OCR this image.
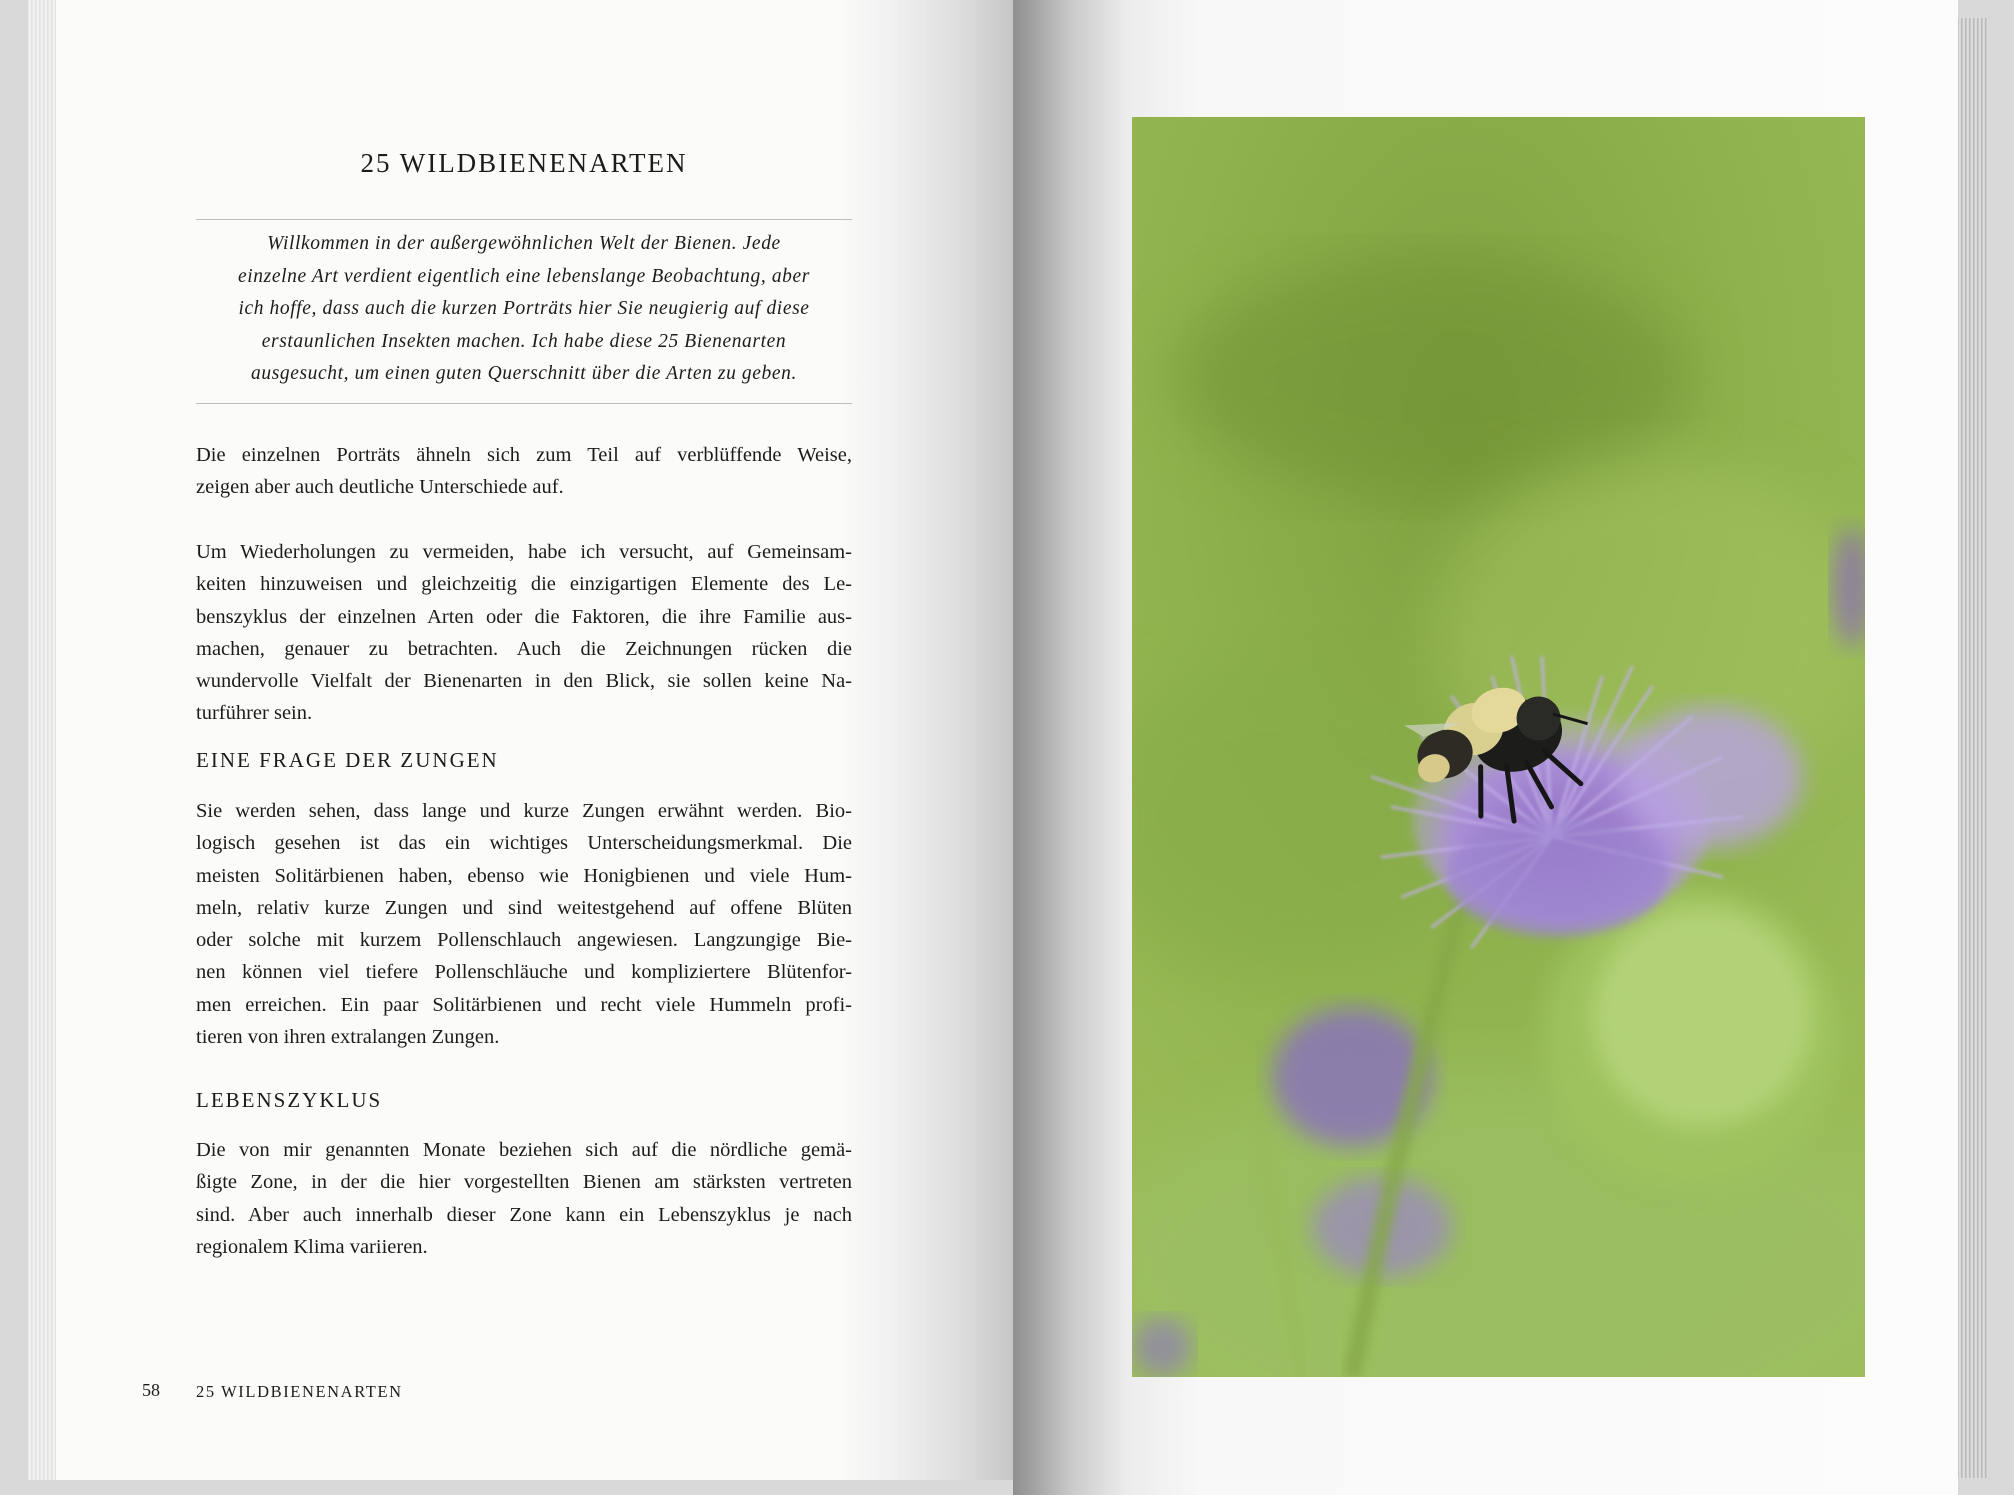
25 WILDBIENENARTEN
Willkommen in der außergewöhnlichen Welt der Bienen. Jede
einzelne Art verdient eigentlich eine lebenslange Beobachtung, aber
ich hoffe, dass auch die kurzen Porträts hier Sie neugierig auf diese
erstaunlichen Insekten machen. Ich habe diese 25 Bienenarten
ausgesucht, um einen guten Querschnitt über die Arten zu geben.
Die einzelnen Porträts ähneln sich zum Teil auf verblüffende Weise,
zeigen aber auch deutliche Unterschiede auf.
Um Wiederholungen zu vermeiden, habe ich versucht, auf Gemeinsam-
keiten hinzuweisen und gleichzeitig die einzigartigen Elemente des Le-
benszyklus der einzelnen Arten oder die Faktoren, die ihre Familie aus-
machen, genauer zu betrachten. Auch die Zeichnungen rücken die
wundervolle Vielfalt der Bienenarten in den Blick, sie sollen keine Na-
turführer sein.
EINE FRAGE DER ZUNGEN
Sie werden sehen, dass lange und kurze Zungen erwähnt werden. Bio-
logisch gesehen ist das ein wichtiges Unterscheidungsmerkmal. Die
meisten Solitärbienen haben, ebenso wie Honigbienen und viele Hum-
meln, relativ kurze Zungen und sind weitestgehend auf offene Blüten
oder solche mit kurzem Pollenschlauch angewiesen. Langzungige Bie-
nen können viel tiefere Pollenschläuche und kompliziertere Blütenfor-
men erreichen. Ein paar Solitärbienen und recht viele Hummeln profi-
tieren von ihren extralangen Zungen.
LEBENSZYKLUS
Die von mir genannten Monate beziehen sich auf die nördliche gemä-
ßigte Zone, in der die hier vorgestellten Bienen am stärksten vertreten
sind. Aber auch innerhalb dieser Zone kann ein Lebenszyklus je nach
regionalem Klima variieren.
58 25 WILDBIENENARTEN
